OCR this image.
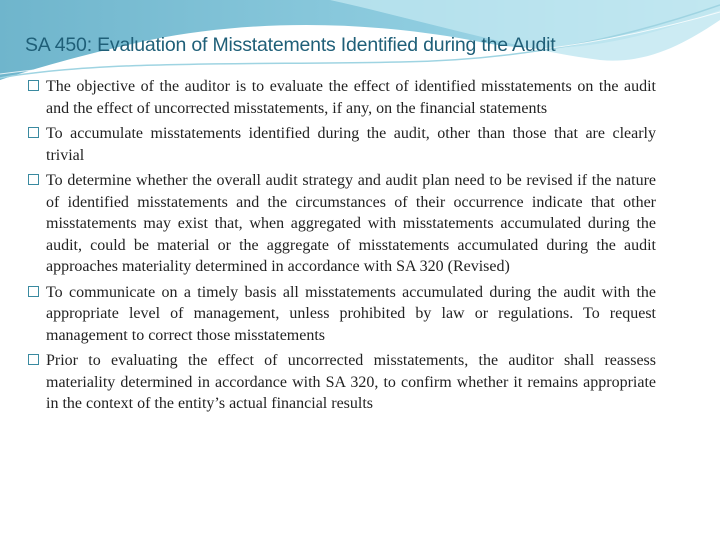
SA 450: Evaluation of Misstatements Identified during the Audit
The objective of the auditor is to evaluate the effect of identified misstatements on the audit and the effect of uncorrected misstatements, if any, on the financial statements
To accumulate misstatements identified during the audit, other than those that are clearly trivial
To determine whether the overall audit strategy and audit plan need to be revised if the nature of identified misstatements and the circumstances of their occurrence indicate that other misstatements may exist that, when aggregated with misstatements accumulated during the audit, could be material or the aggregate of misstatements accumulated during the audit approaches materiality determined in accordance with SA 320 (Revised)
To communicate on a timely basis all misstatements accumulated during the audit with the appropriate level of management, unless prohibited by law or regulations. To request management to correct those misstatements
Prior to evaluating the effect of uncorrected misstatements, the auditor shall reassess materiality determined in accordance with SA 320, to confirm whether it remains appropriate in the context of the entity’s actual financial results
